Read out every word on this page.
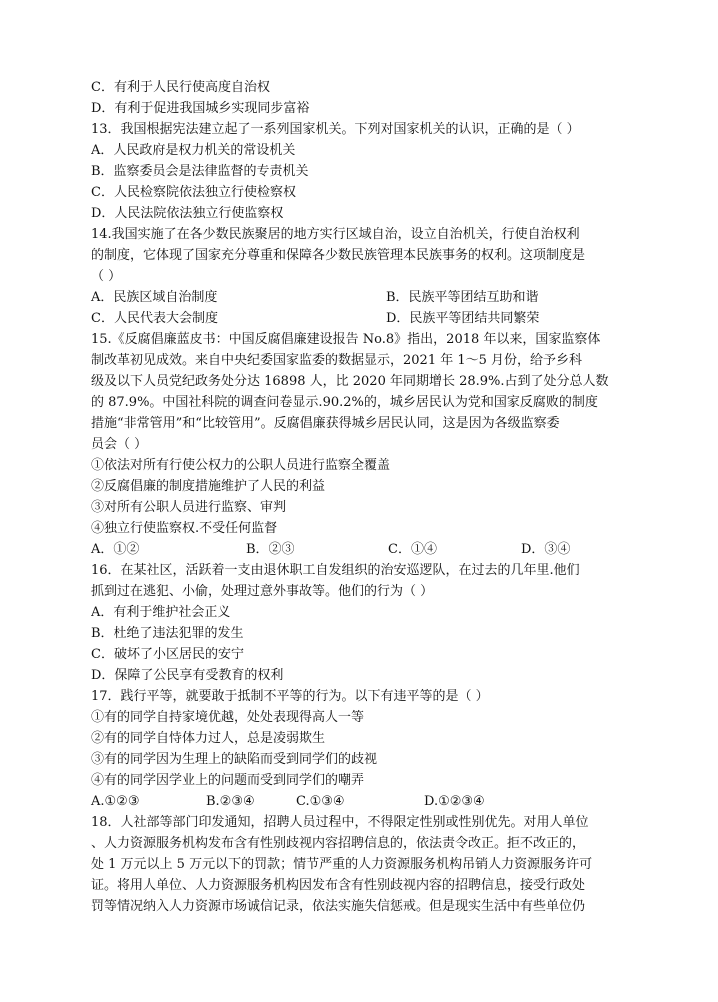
C．有利于人民行使高度自治权
D．有利于促进我国城乡实现同步富裕
13．我国根据宪法建立起了一系列国家机关。下列对国家机关的认识，正确的是（ ）
A．人民政府是权力机关的常设机关
B．监察委员会是法律监督的专责机关
C．人民检察院依法独立行使检察权
D．人民法院依法独立行使监察权
14.我国实施了在各少数民族聚居的地方实行区域自治，设立自治机关，行使自治权利
的制度，它体现了国家充分尊重和保障各少数民族管理本民族事务的权利。这项制度是
（ ）
A．民族区域自治制度	B．民族平等团结互助和谐
C．人民代表大会制度	D．民族平等团结共同繁荣
15.《反腐倡廉蓝皮书：中国反腐倡廉建设报告 No.8》指出，2018 年以来，国家监察体
制改革初见成效。来自中央纪委国家监委的数据显示，2021 年 1～5 月份，给予乡科
级及以下人员党纪政务处分达 16898 人，比 2020 年同期增长 28.9%.占到了处分总人数
的 87.9%。中国社科院的调查问卷显示.90.2%的，城乡居民认为党和国家反腐败的制度
措施“非常管用”和“比较管用”。反腐倡廉获得城乡居民认同，这是因为各级监察委
员会（ ）
①依法对所有行使公权力的公职人员进行监察全覆盖
②反腐倡廉的制度措施维护了人民的利益
③对所有公职人员进行监察、审判
④独立行使监察权.不受任何监督
A．①②	B．②③	C．①④	D．③④
16．在某社区，活跃着一支由退休职工自发组织的治安巡逻队，在过去的几年里.他们
抓到过在逃犯、小偷，处理过意外事故等。他们的行为（ ）
A．有利于维护社会正义
B．杜绝了违法犯罪的发生
C．破坏了小区居民的安宁
D．保障了公民享有受教育的权利
17．践行平等，就要敢于抵制不平等的行为。以下有违平等的是（ ）
①有的同学自持家境优越，处处表现得高人一等
②有的同学自恃体力过人，总是凌弱欺生
③有的同学因为生理上的缺陷而受到同学们的歧视
④有的同学因学业上的问题而受到同学们的嘲弄
A.①②③	B.②③④	C.①③④	D.①②③④
18．人社部等部门印发通知，招聘人员过程中，不得限定性别或性别优先。对用人单位
、人力资源服务机构发布含有性别歧视内容招聘信息的，依法责令改正。拒不改正的，
处 1 万元以上 5 万元以下的罚款；情节严重的人力资源服务机构吊销人力资源服务许可
证。将用人单位、人力资源服务机构因发布含有性别歧视内容的招聘信息，接受行政处
罚等情况纳入人力资源市场诚信记录，依法实施失信惩戒。但是现实生活中有些单位仍
